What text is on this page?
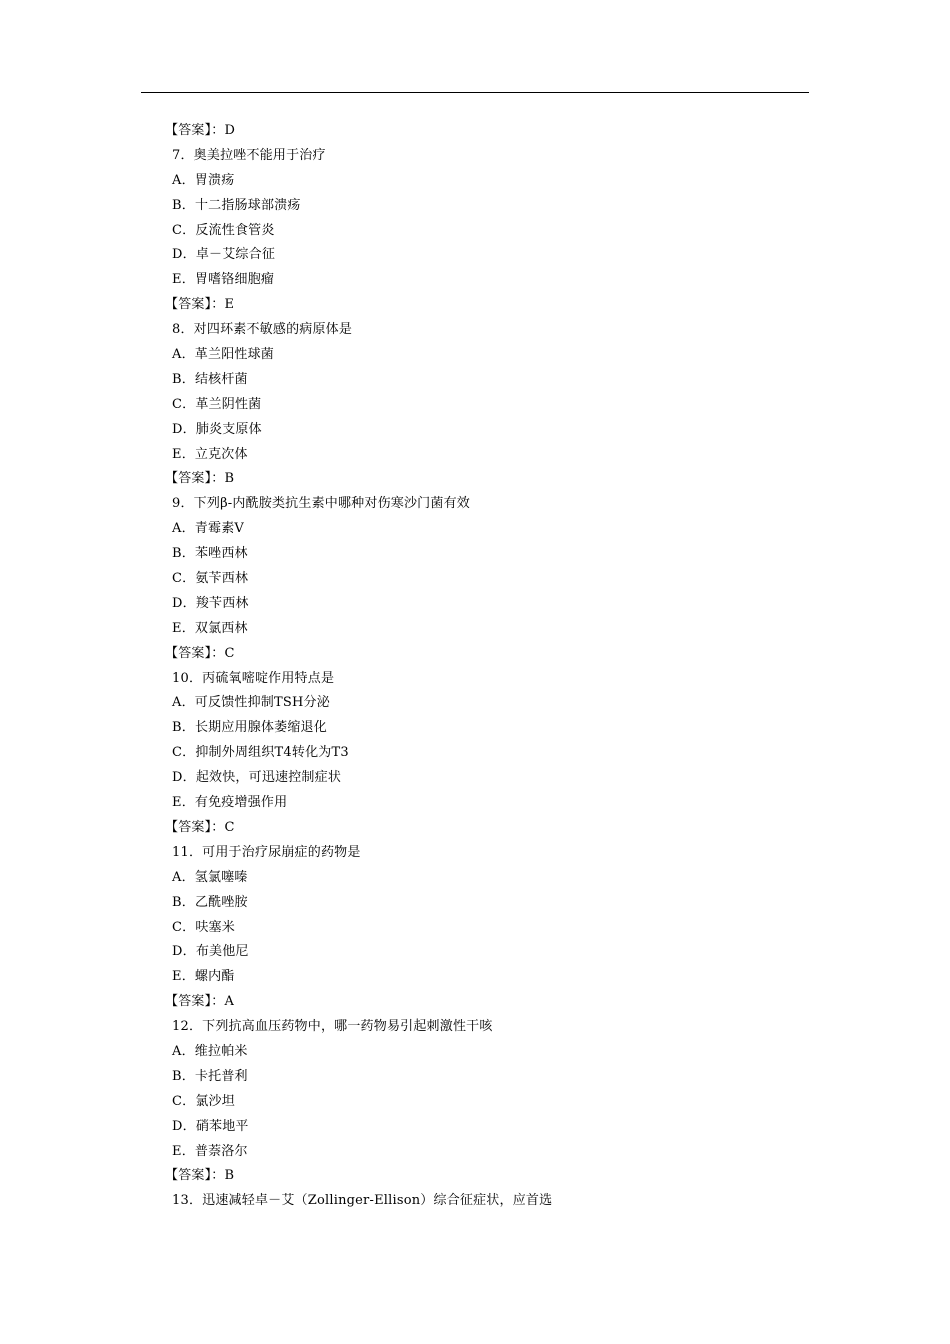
【答案】：D
7．奥美拉唑不能用于治疗
A．胃溃疡
B．十二指肠球部溃疡
C．反流性食管炎
D．卓－艾综合征
E．胃嗜铬细胞瘤
【答案】：E
8．对四环素不敏感的病原体是
A．革兰阳性球菌
B．结核杆菌
C．革兰阴性菌
D．肺炎支原体
E．立克次体
【答案】：B
9．下列β-内酰胺类抗生素中哪种对伤寒沙门菌有效
A．青霉素V
B．苯唑西林
C．氨苄西林
D．羧苄西林
E．双氯西林
【答案】：C
10．丙硫氧嘧啶作用特点是
A．可反馈性抑制TSH分泌
B．长期应用腺体萎缩退化
C．抑制外周组织T4转化为T3
D．起效快，可迅速控制症状
E．有免疫增强作用
【答案】：C
11．可用于治疗尿崩症的药物是
A．氢氯噻嗪
B．乙酰唑胺
C．呋塞米
D．布美他尼
E．螺内酯
【答案】：A
12．下列抗高血压药物中，哪一药物易引起刺激性干咳
A．维拉帕米
B．卡托普利
C．氯沙坦
D．硝苯地平
E．普萘洛尔
【答案】：B
13．迅速减轻卓－艾（Zollinger-Ellison）综合征症状，应首选
